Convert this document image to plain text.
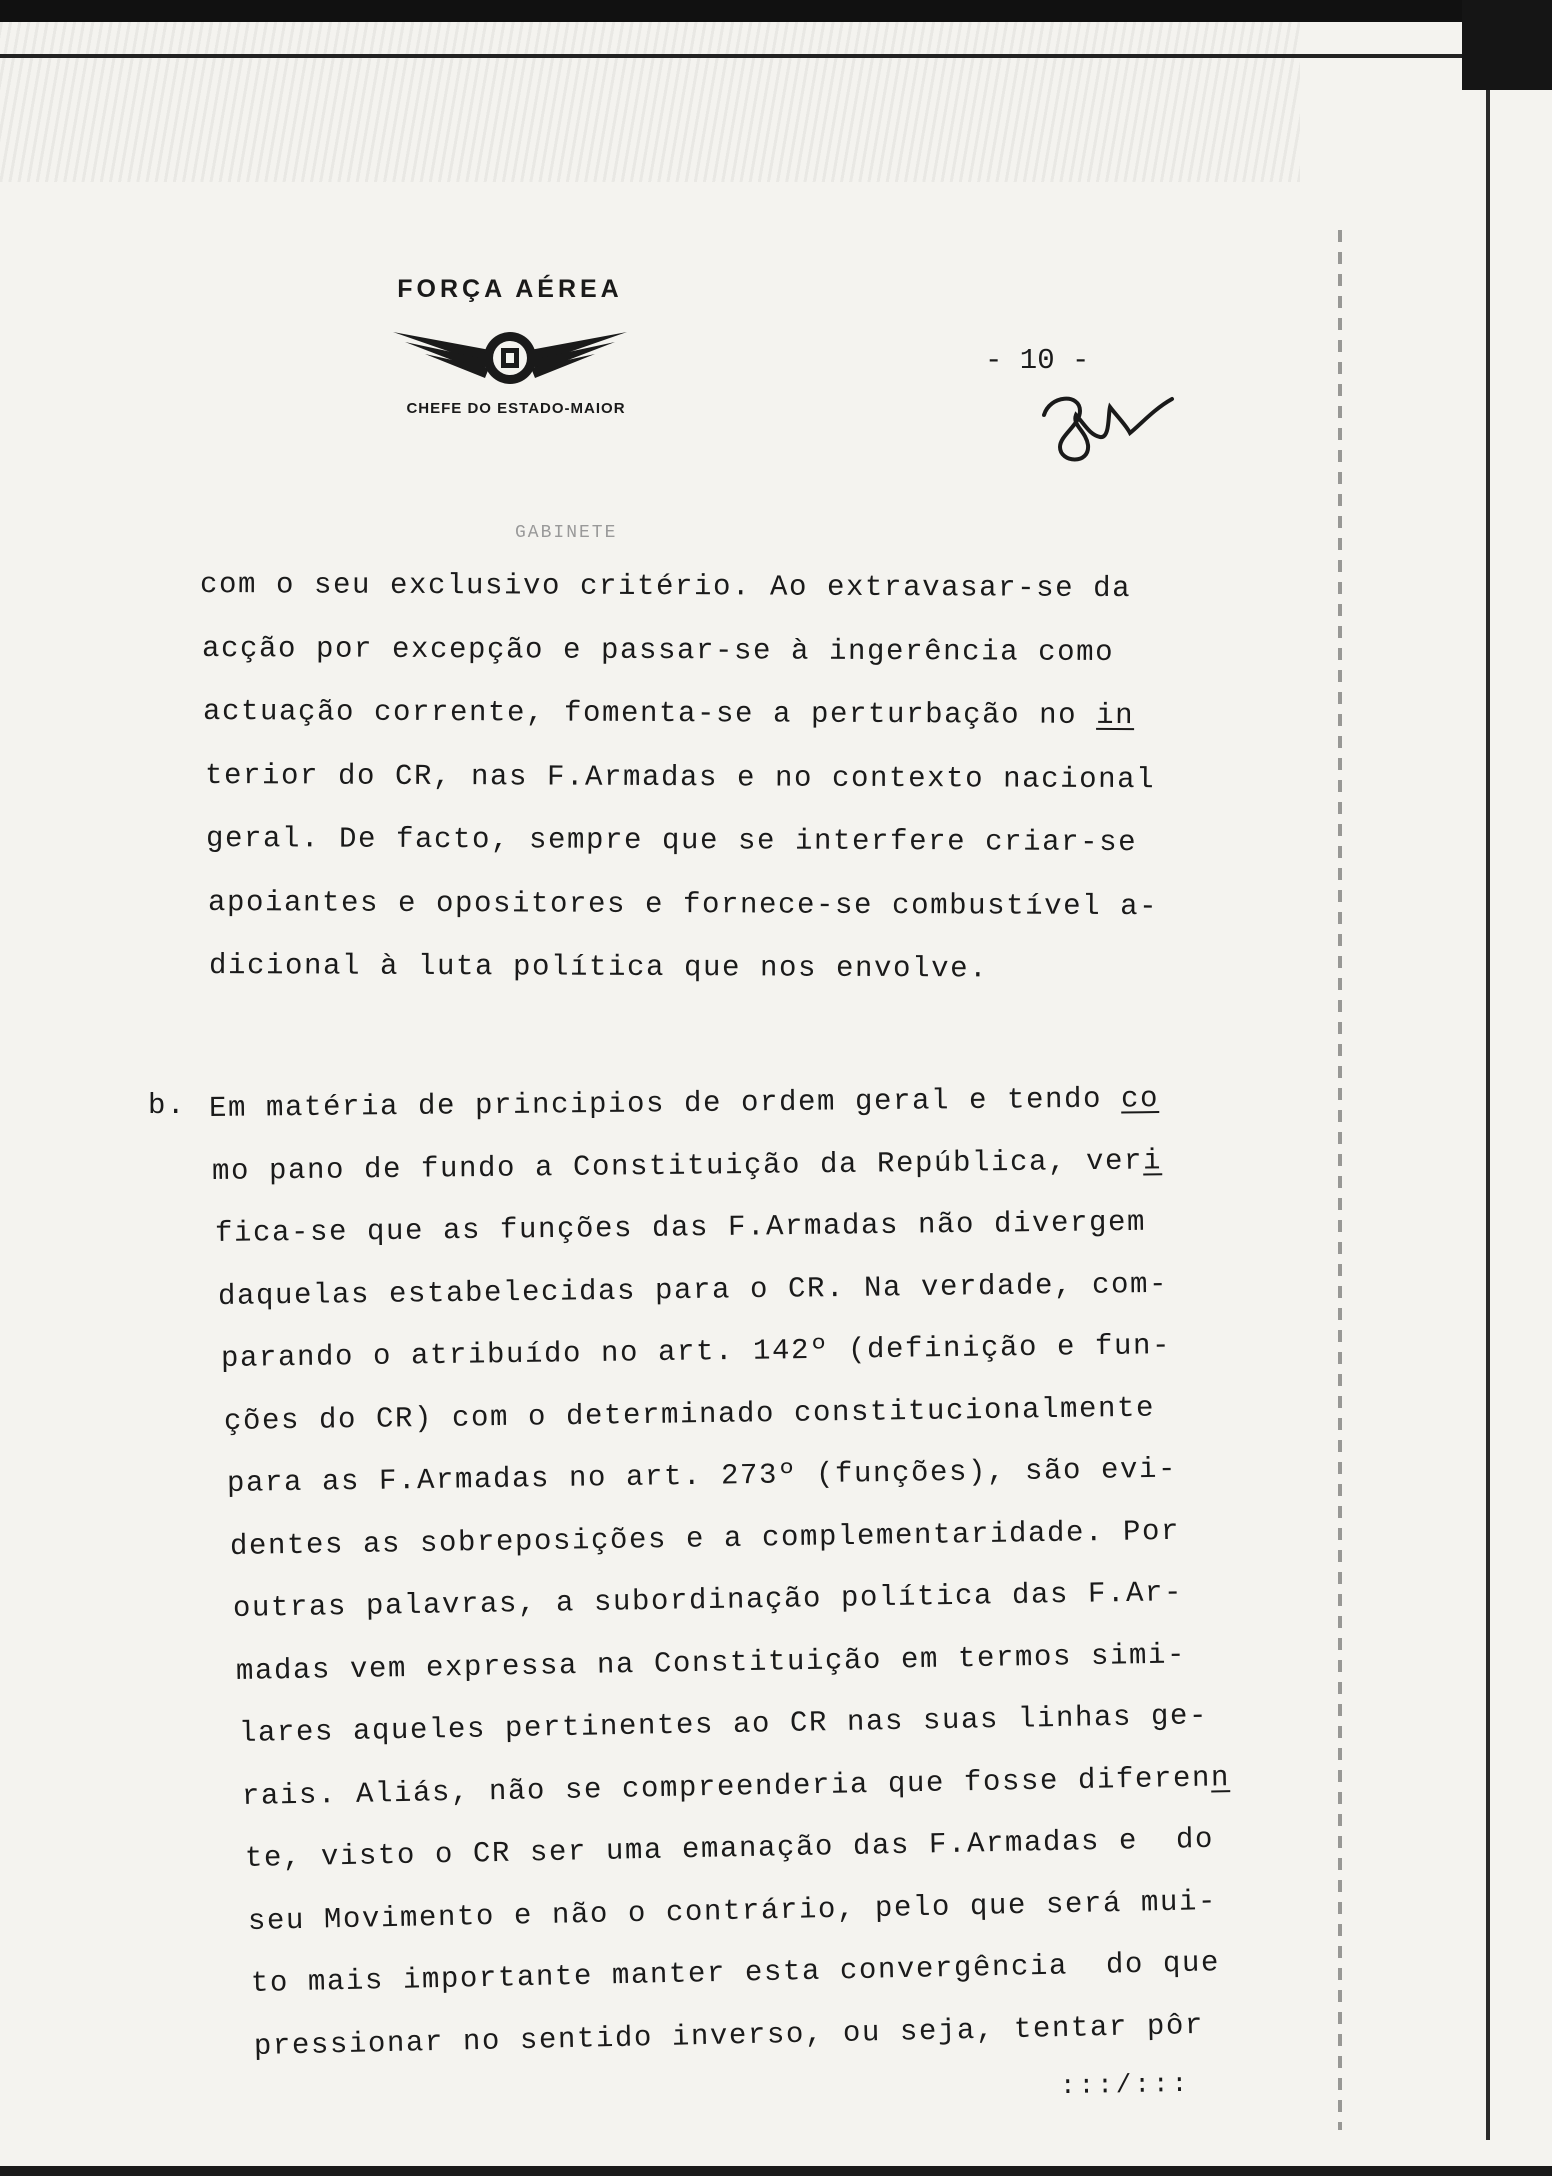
FORÇA AÉREA
CHEFE DO ESTADO-MAIOR
- 10 -
GABINETE
com o seu exclusivo critério. Ao extravasar-se da
acção por excepção e passar-se à ingerência como
actuação corrente, fomenta-se a perturbação no in
terior do CR, nas F.Armadas e no contexto nacional
geral. De facto, sempre que se interfere criar-se
apoiantes e opositores e fornece-se combustível a-
dicional à luta política que nos envolve.
b. Em matéria de principios de ordem geral e tendo co
mo pano de fundo a Constituição da República, veri
fica-se que as funções das F.Armadas não divergem
daquelas estabelecidas para o CR. Na verdade, com-
parando o atribuído no art. 142º (definição e fun-
ções do CR) com o determinado constitucionalmente
para as F.Armadas no art. 273º (funções), são evi-
dentes as sobreposições e a complementaridade. Por
outras palavras, a subordinação política das F.Ar-
madas vem expressa na Constituição em termos simi-
lares aqueles pertinentes ao CR nas suas linhas ge-
rais. Aliás, não se compreenderia que fosse diferenn
te, visto o CR ser uma emanação das F.Armadas e  do
seu Movimento e não o contrário, pelo que será mui-
to mais importante manter esta convergência  do que
pressionar no sentido inverso, ou seja, tentar pôr
:::/:::
